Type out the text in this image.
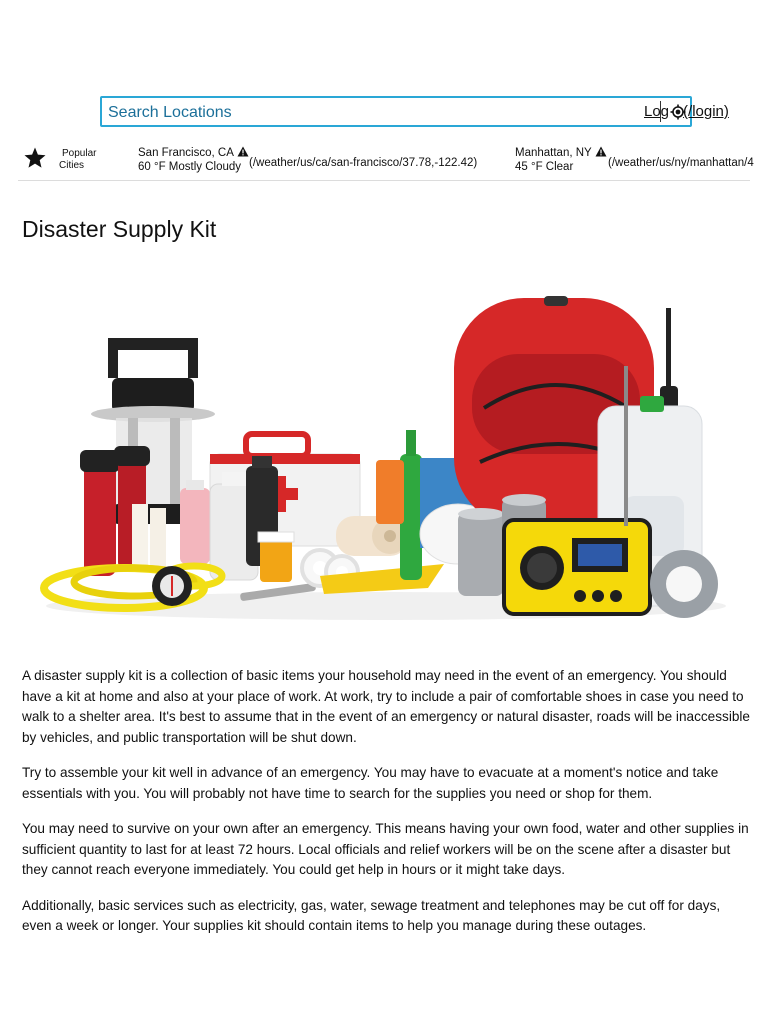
Search Locations
Log (/login)
Popular
Cities
San Francisco, CA
60 °F Mostly Cloudy (/weather/us/ca/san-francisco/37.78,-122.42)
Manhattan, NY
45 °F Clear	(/weather/us/ny/manhattan/4
Disaster Supply Kit

A disaster supply kit is a collection of basic items your household may need in the event of an emergency. You should have a kit at home and also at your place of work. At work, try to include a pair of comfortable shoes in case you need to walk to a shelter area. It's best to assume that in the event of an emergency or natural disaster, roads will be inaccessible by vehicles, and public transportation will be shut down.

Try to assemble your kit well in advance of an emergency. You may have to evacuate at a moment's notice and take essentials with you. You will probably not have time to search for the supplies you need or shop for them.

You may need to survive on your own after an emergency. This means having your own food, water and other supplies in sufficient quantity to last for at least 72 hours. Local officials and relief workers will be on the scene after a disaster but they cannot reach everyone immediately. You could get help in hours or it might take days.

Additionally, basic services such as electricity, gas, water, sewage treatment and telephones may be cut off for days, even a week or longer. Your supplies kit should contain items to help you manage during these outages.
